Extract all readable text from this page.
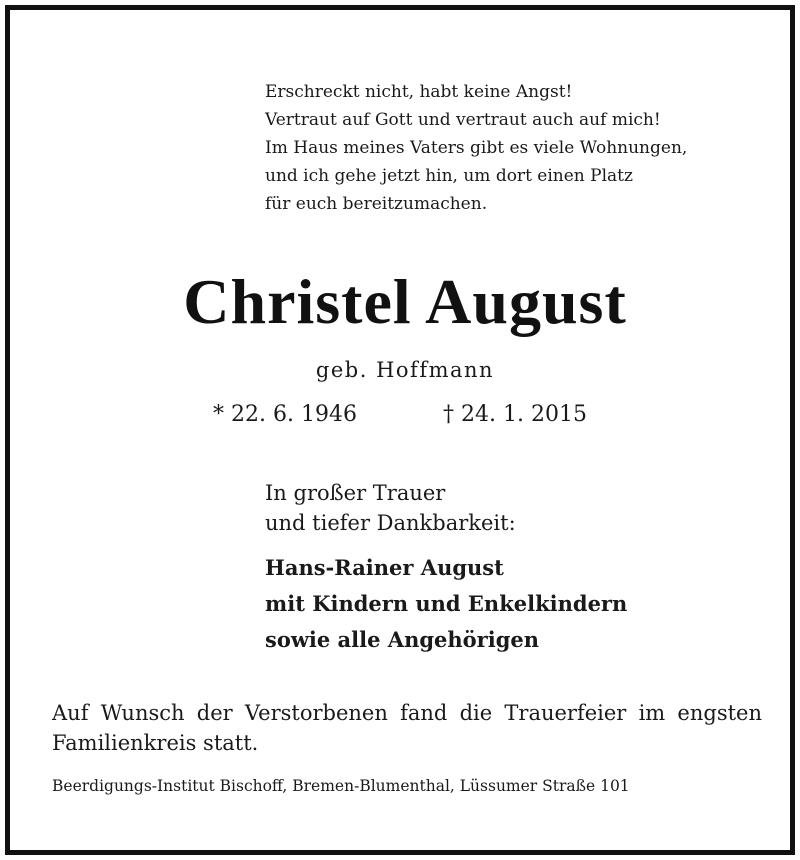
Erschreckt nicht, habt keine Angst!
Vertraut auf Gott und vertraut auch auf mich!
Im Haus meines Vaters gibt es viele Wohnungen,
und ich gehe jetzt hin, um dort einen Platz
für euch bereitzumachen.
Christel August
geb. Hoffmann
* 22. 6. 1946	† 24. 1. 2015
In großer Trauer
und tiefer Dankbarkeit:
Hans-Rainer August
mit Kindern und Enkelkindern
sowie alle Angehörigen
Auf Wunsch der Verstorbenen fand die Trauerfeier im engsten Familienkreis statt.
Beerdigungs-Institut Bischoff, Bremen-Blumenthal, Lüssumer Straße 101
